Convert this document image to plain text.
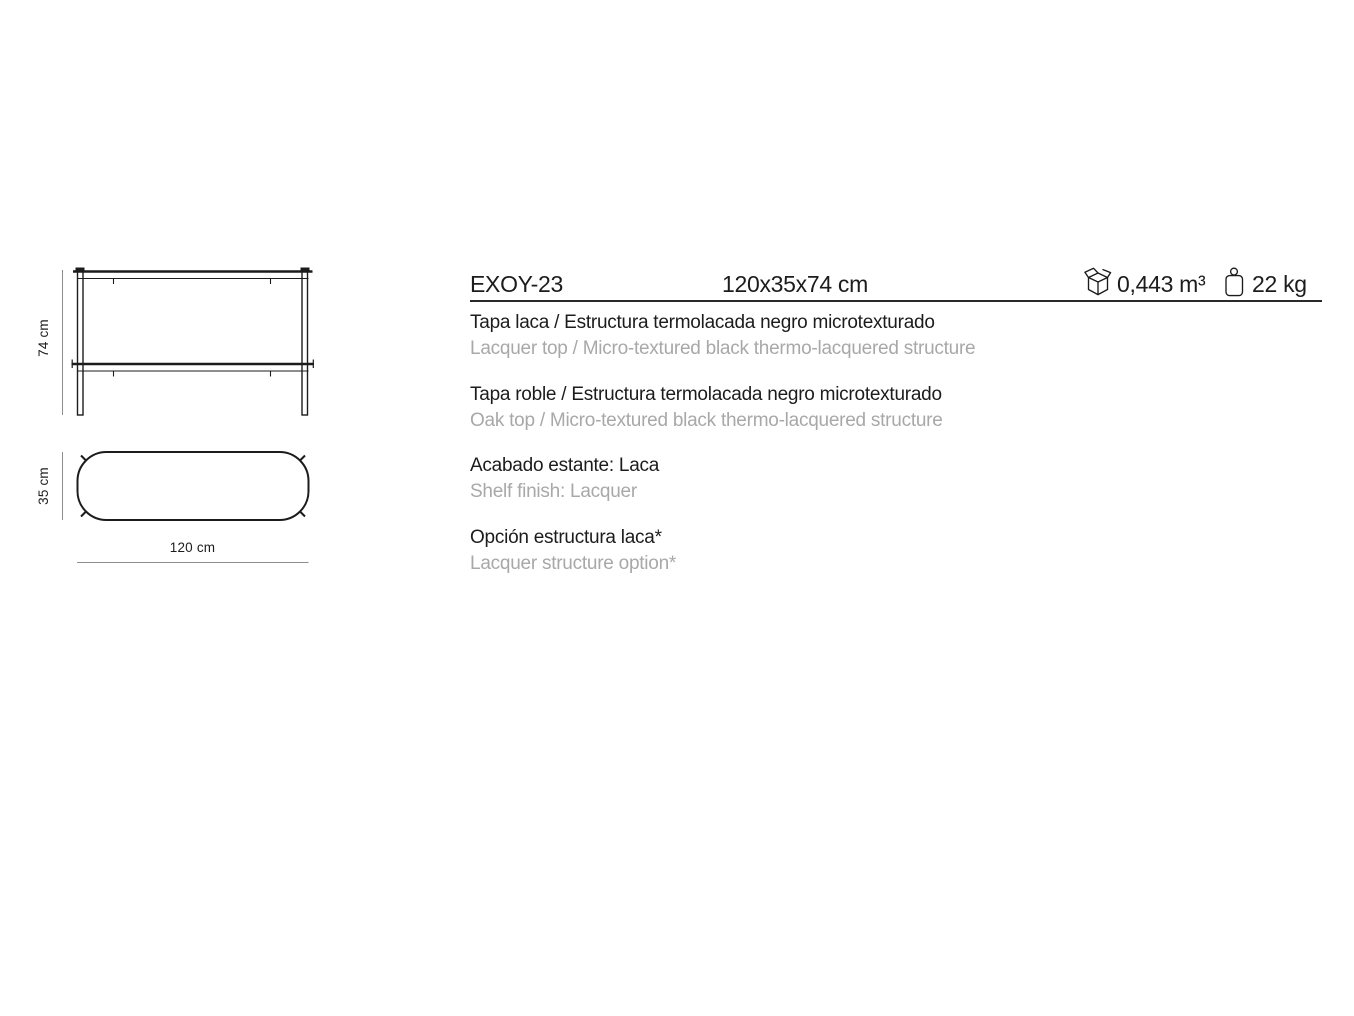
74 cm
35 cm
120 cm
EXOY-23	120x35x74 cm	0,443 m³ 22 kg
Tapa laca / Estructura termolacada negro microtexturado
Lacquer top / Micro-textured black thermo-lacquered structure
Tapa roble / Estructura termolacada negro microtexturado
Oak top / Micro-textured black thermo-lacquered structure
Acabado estante: Laca
Shelf finish: Lacquer
Opción estructura laca*
Lacquer structure option*
